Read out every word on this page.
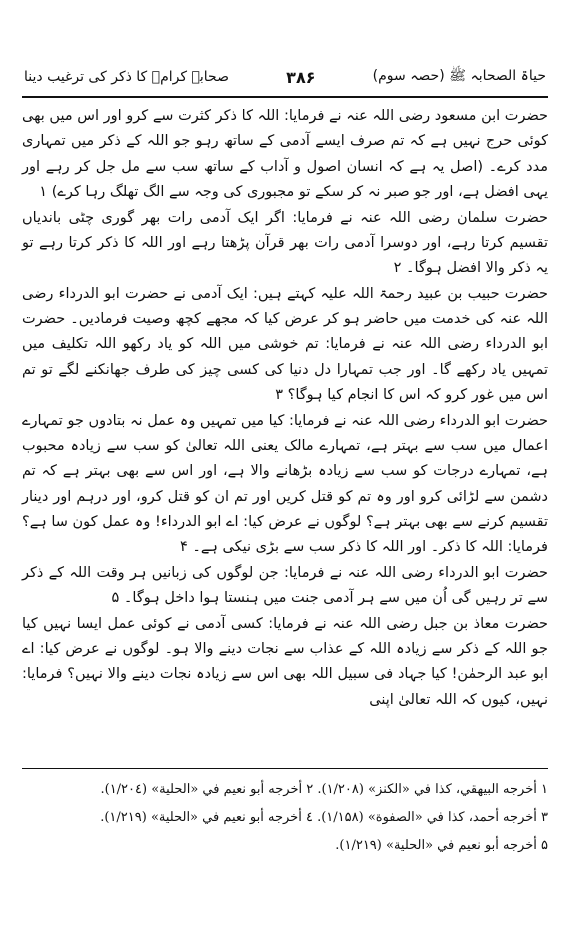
صحابہ کرامؓ کا ذکر کی ترغیب دینا	۳۸۶	حیاۃ الصحابہ ﷺ (حصہ سوم)

حضرت ابن مسعود رضی اللہ عنہ نے فرمایا: اللہ کا ذکر کثرت سے کرو اور اس میں بھی کوئی حرج نہیں ہے کہ تم صرف ایسے آدمی کے ساتھ رہو جو اللہ کے ذکر میں تمہاری مدد کرے۔ (اصل یہ ہے کہ انسان اصول و آداب کے ساتھ سب سے مل جل کر رہے اور یہی افضل ہے، اور جو صبر نہ کر سکے تو مجبوری کی وجہ سے الگ تھلگ رہا کرے) ۱

حضرت سلمان رضی اللہ عنہ نے فرمایا: اگر ایک آدمی رات بھر گوری چٹی باندیاں تقسیم کرتا رہے، اور دوسرا آدمی رات بھر قرآن پڑھتا رہے اور اللہ کا ذکر کرتا رہے تو یہ ذکر والا افضل ہوگا۔ ۲

حضرت حبیب بن عبید رحمۃ اللہ علیہ کہتے ہیں: ایک آدمی نے حضرت ابو الدرداء رضی اللہ عنہ کی خدمت میں حاضر ہو کر عرض کیا کہ مجھے کچھ وصیت فرمادیں۔ حضرت ابو الدرداء رضی اللہ عنہ نے فرمایا: تم خوشی میں اللہ کو یاد رکھو اللہ تکلیف میں تمہیں یاد رکھے گا۔ اور جب تمہارا دل دنیا کی کسی چیز کی طرف جھانکنے لگے تو تم اس میں غور کرو کہ اس کا انجام کیا ہوگا؟ ۳

حضرت ابو الدرداء رضی اللہ عنہ نے فرمایا: کیا میں تمہیں وہ عمل نہ بتادوں جو تمہارے اعمال میں سب سے بہتر ہے، تمہارے مالک یعنی اللہ تعالیٰ کو سب سے زیادہ محبوب ہے، تمہارے درجات کو سب سے زیادہ بڑھانے والا ہے، اور اس سے بھی بہتر ہے کہ تم دشمن سے لڑائی کرو اور وہ تم کو قتل کریں اور تم ان کو قتل کرو، اور درہم اور دینار تقسیم کرنے سے بھی بہتر ہے؟ لوگوں نے عرض کیا: اے ابو الدرداء! وہ عمل کون سا ہے؟ فرمایا: اللہ کا ذکر۔ اور اللہ کا ذکر سب سے بڑی نیکی ہے۔ ۴

حضرت ابو الدرداء رضی اللہ عنہ نے فرمایا: جن لوگوں کی زبانیں ہر وقت اللہ کے ذکر سے تر رہیں گی اُن میں سے ہر آدمی جنت میں ہنستا ہوا داخل ہوگا۔ ۵

حضرت معاذ بن جبل رضی اللہ عنہ نے فرمایا: کسی آدمی نے کوئی عمل ایسا نہیں کیا جو اللہ کے ذکر سے زیادہ اللہ کے عذاب سے نجات دینے والا ہو۔ لوگوں نے عرض کیا: اے ابو عبد الرحمٰن! کیا جہاد فی سبیل اللہ بھی اس سے زیادہ نجات دینے والا نہیں؟ فرمایا: نہیں، کیوں کہ اللہ تعالیٰ اپنی

۱ أخرجه البيهقي، كذا في «الكنز» (۱/۲۰۸). ۲ أخرجه أبو نعيم في «الحلية» (۱/۲۰٤).
۳ أخرجه أحمد، كذا في «الصفوة» (۱/۱۵۸). ٤ أخرجه أبو نعيم في «الحلية» (۱/۲۱۹).
۵ أخرجه أبو نعيم في «الحلية» (۱/۲۱۹).
